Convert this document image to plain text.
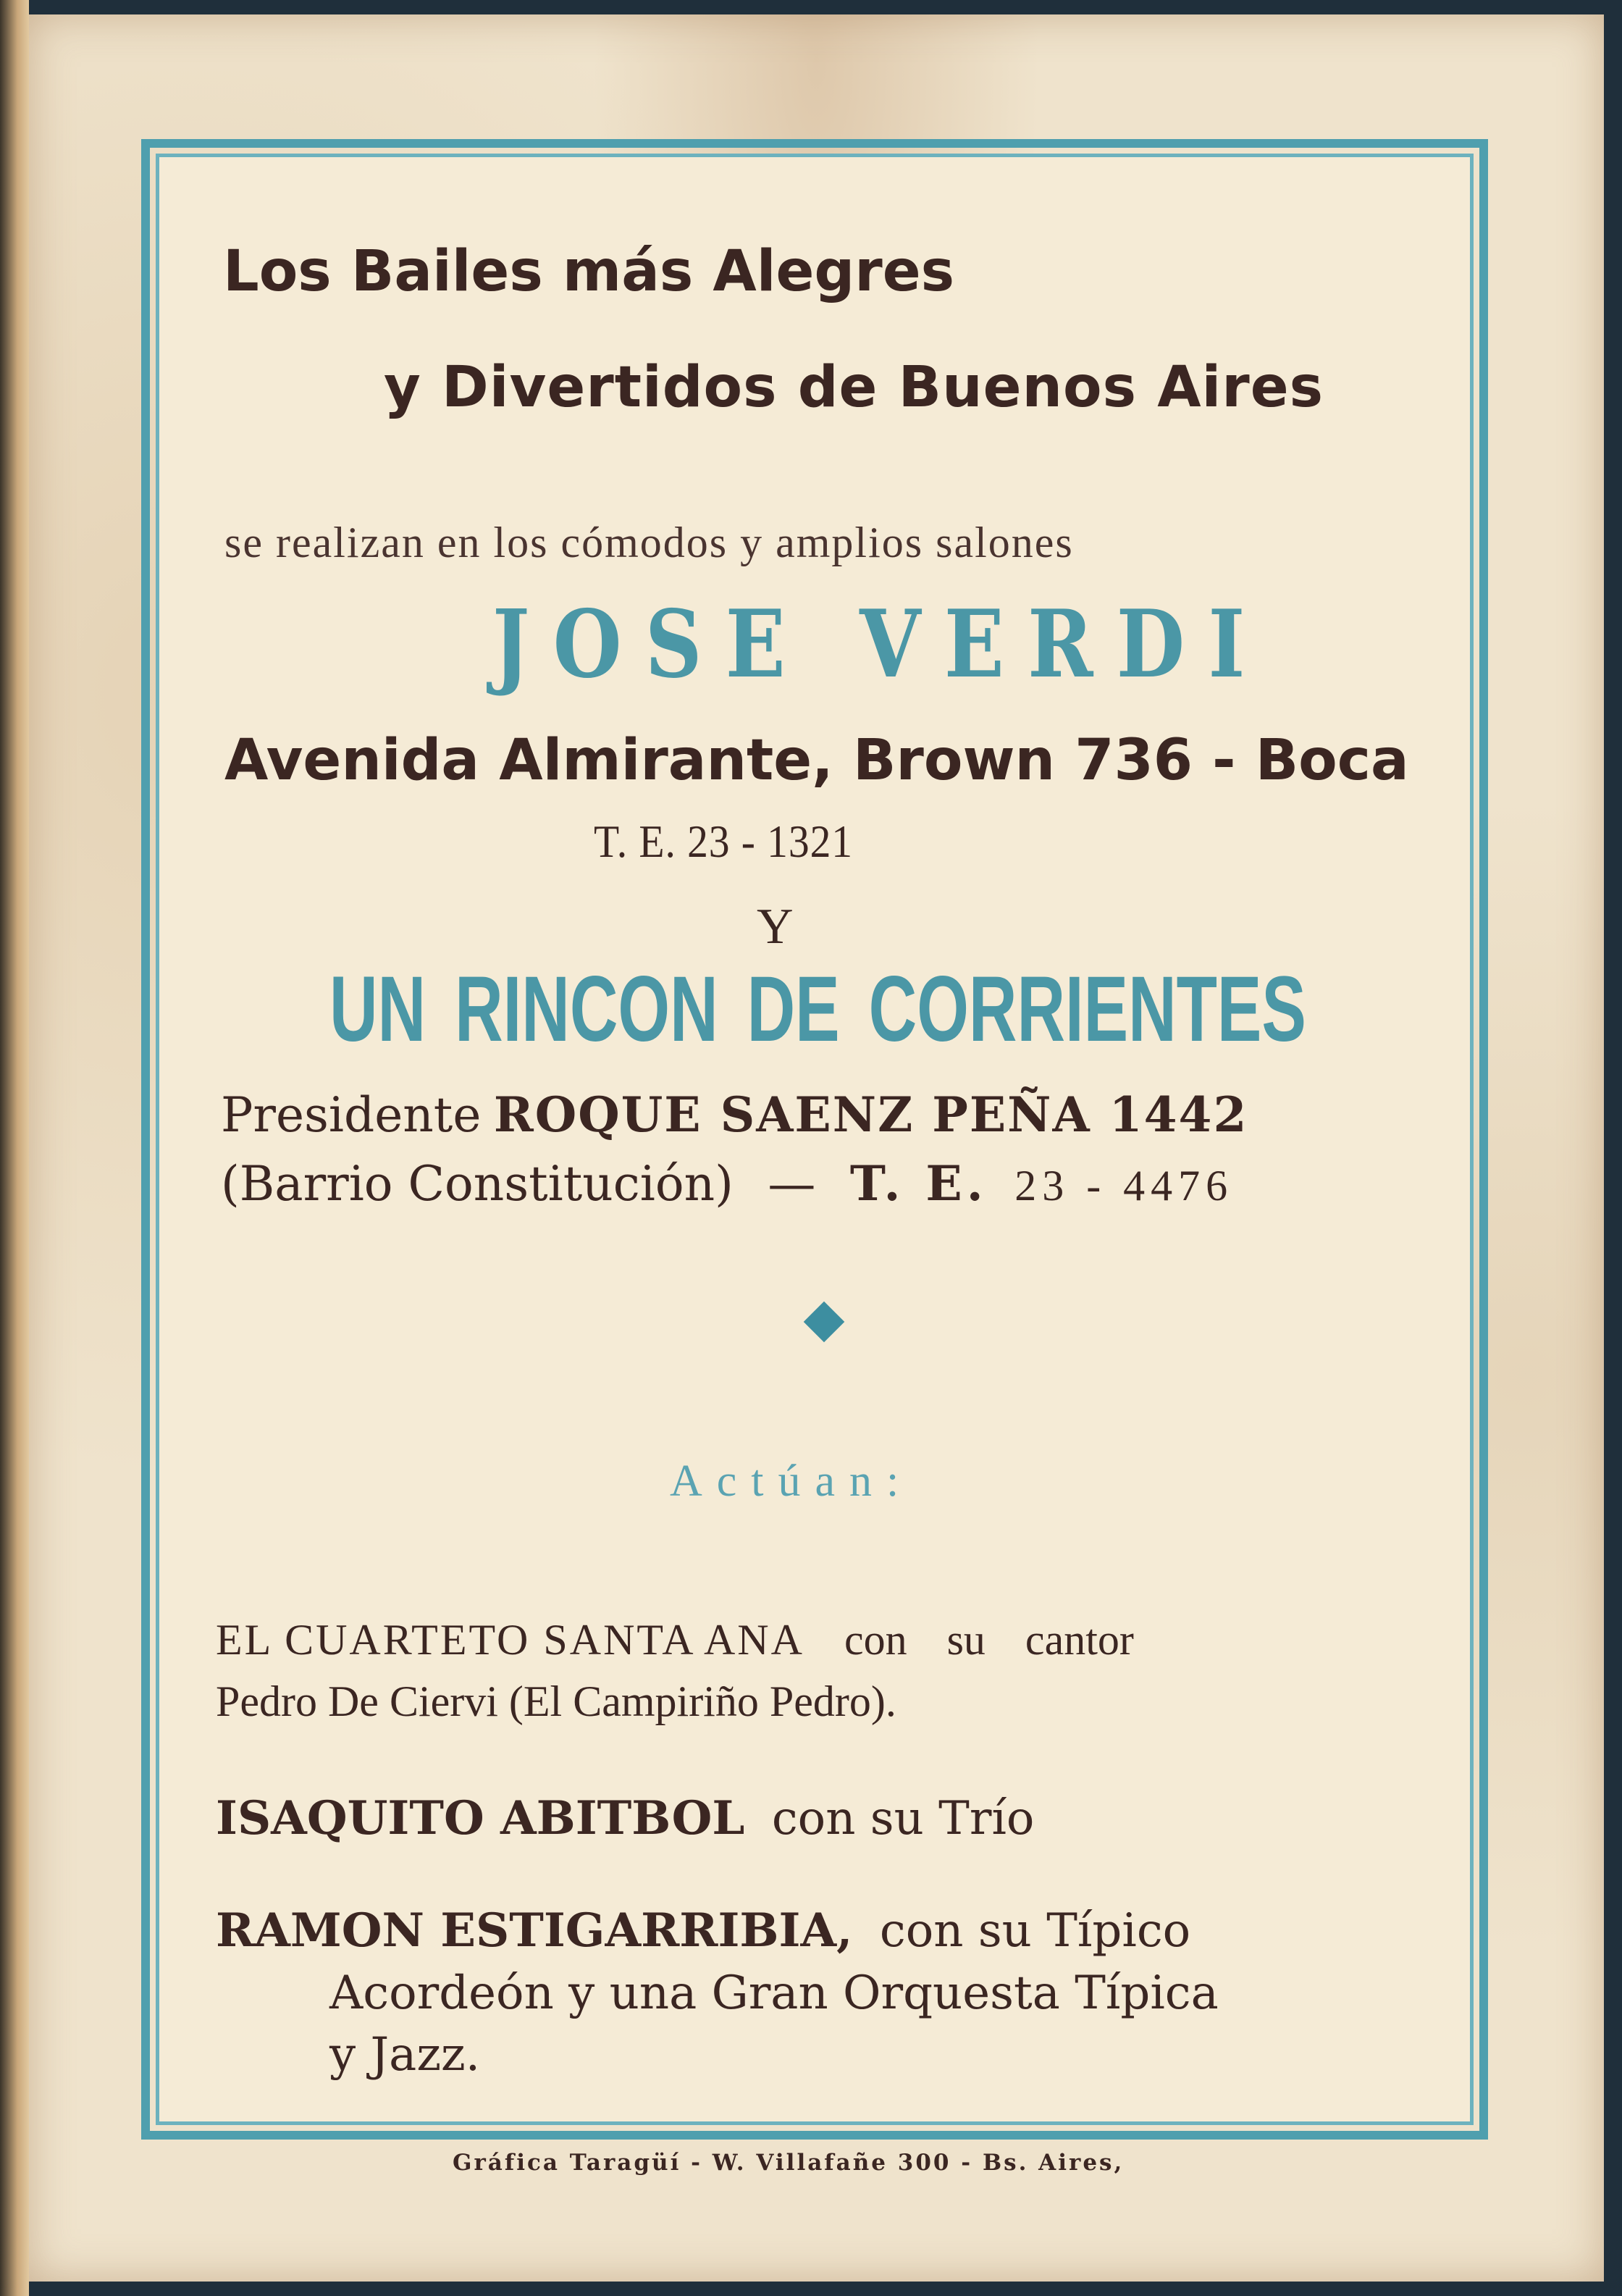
Los Bailes más Alegres

y Divertidos de Buenos Aires

se realizan en los cómodos y amplios salones

JOSE VERDI

Avenida Almirante, Brown 736 - Boca

T. E. 23 - 1321

Y

UN RINCON DE CORRIENTES

Presidente ROQUE SAENZ PEÑA 1442

(Barrio Constitución) — T. E. 23 - 4476

Actúan:

EL CUARTETO SANTA ANA con su cantor

Pedro De Ciervi (El Campiriño Pedro).

ISAQUITO ABITBOL con su Trío

RAMON ESTIGARRIBIA, con su Típico

Acordeón y una Gran Orquesta Típica

y Jazz.

Gráfica Taragüí - W. Villafañe 300 - Bs. Aires,
